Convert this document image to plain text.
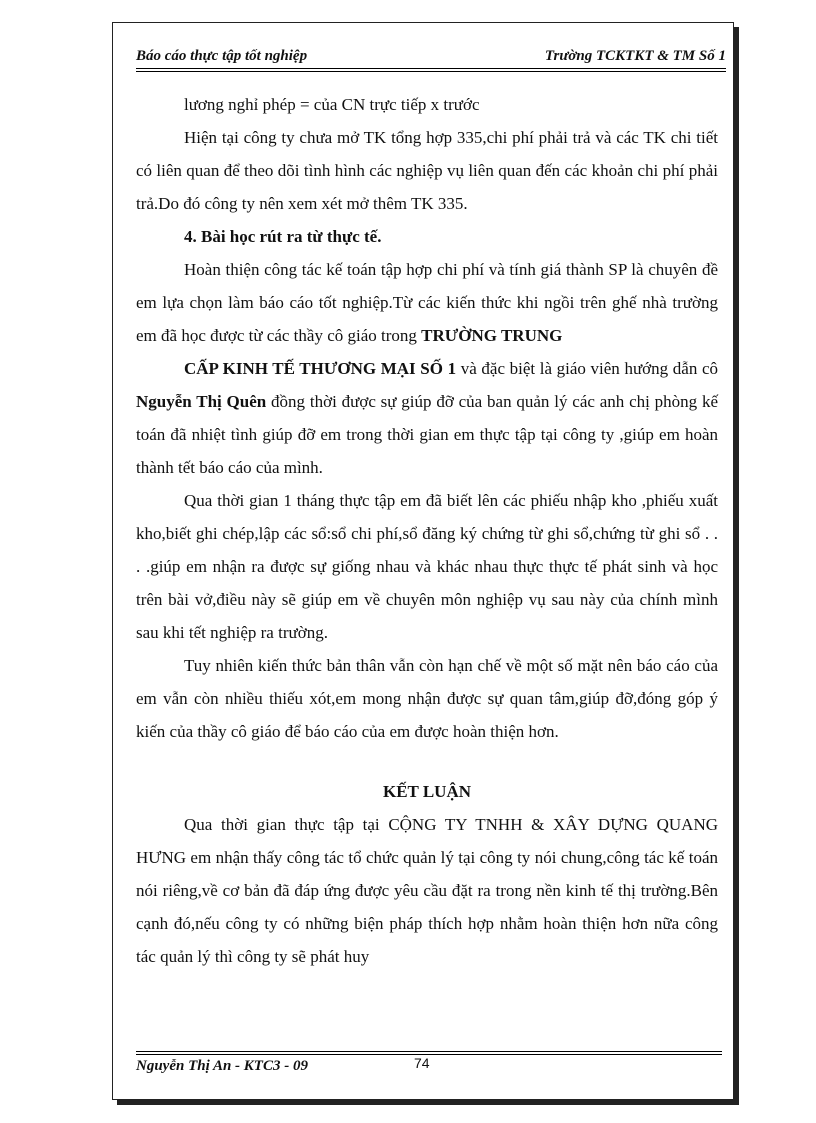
Báo cáo thực tập tốt nghiệp	Trường TCKTKT & TM Số 1

lương nghỉ phép = của CN trực tiếp x trước

Hiện tại công ty chưa mở TK tổng hợp 335,chi phí phải trả và các TK chi tiết có liên quan để theo dõi tình hình các nghiệp vụ liên quan đến các khoản chi phí phải trả.Do đó công ty nên xem xét mở thêm TK 335.

4. Bài học rút ra từ thực tế.

Hoàn thiện công tác kế toán tập hợp chi phí và tính giá thành SP là chuyên đề em lựa chọn làm báo cáo tốt nghiệp.Từ các kiến thức khi ngồi trên ghế nhà trường em đã học được từ các thầy cô giáo trong TRƯỜNG TRUNG

CẤP KINH TẾ THƯƠNG MẠI SỐ 1 và đặc biệt là giáo viên hướng dẫn cô Nguyễn Thị Quên đồng thời được sự giúp đỡ của ban quản lý các anh chị phòng kế toán đã nhiệt tình giúp đỡ em trong thời gian em thực tập tại công ty ,giúp em hoàn thành tết báo cáo của mình.

Qua thời gian 1 tháng thực tập em đã biết lên các phiếu nhập kho ,phiếu xuất kho,biết ghi chép,lập các sổ:sổ chi phí,sổ đăng ký chứng từ ghi sổ,chứng từ ghi sổ . . . .giúp em nhận ra được sự giống nhau và khác nhau thực thực tế phát sinh và học trên bài vở,điều này sẽ giúp em về chuyên môn nghiệp vụ sau này của chính mình sau khi tết nghiệp ra trường.

Tuy nhiên kiến thức bản thân vẫn còn hạn chế về một số mặt nên báo cáo của em vẫn còn nhiều thiếu xót,em mong nhận được sự quan tâm,giúp đỡ,đóng góp ý kiến của thầy cô giáo để báo cáo của em được hoàn thiện hơn.

KẾT LUẬN

Qua thời gian thực tập tại CỘNG TY TNHH & XÂY DỰNG QUANG HƯNG em nhận thấy công tác tổ chức quản lý tại công ty nói chung,công tác kế toán nói riêng,về cơ bản đã đáp ứng được yêu cầu đặt ra trong nền kinh tế thị trường.Bên cạnh đó,nếu công ty có những biện pháp thích hợp nhằm hoàn thiện hơn nữa công tác quản lý thì công ty sẽ phát huy

Nguyễn Thị An - KTC3 - 09	74
